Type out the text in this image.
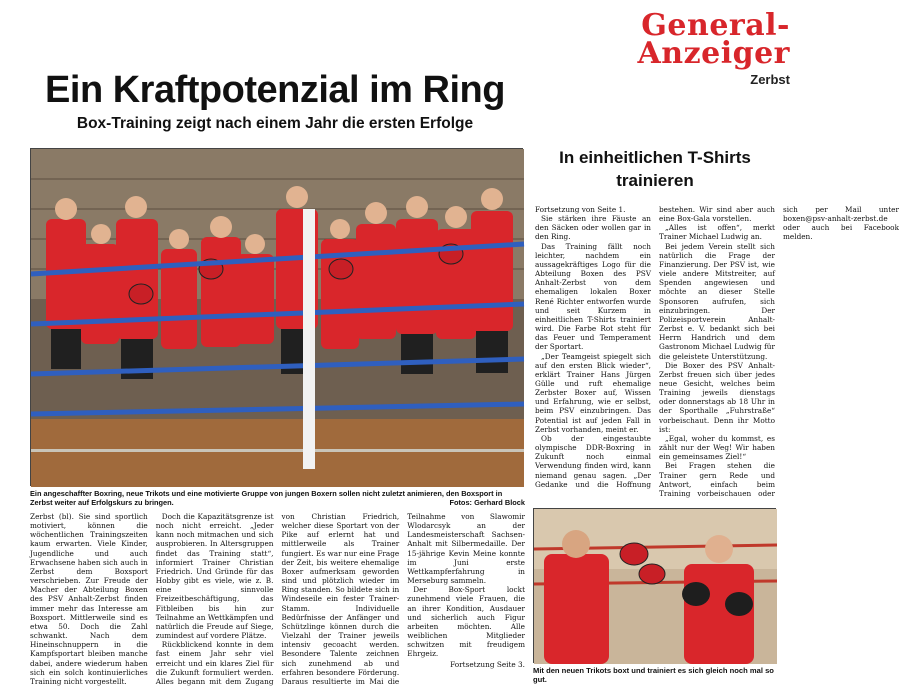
General-
Anzeiger
Zerbst
Ein Kraftpotenzial im Ring
Box-Training zeigt nach einem Jahr die ersten Erfolge
Ein angeschaffter Boxring, neue Trikots und eine motivierte Gruppe von jungen Boxern sollen nicht zuletzt animieren, den Boxsport in Zerbst weiter auf Erfolgskurs zu bringen.	Fotos: Gerhard Block
In einheitlichen T-Shirts trainieren

Fortsetzung von Seite 1.

Sie stärken ihre Fäuste an den Säcken oder wollen gar in den Ring.

Das Training fällt noch leichter, nachdem ein aussagekräftiges Logo für die Abteilung Boxen des PSV Anhalt-Zerbst von dem ehemaligen lokalen Boxer René Richter entworfen wurde und seit Kurzem in einheitlichen T-Shirts trainiert wird. Die Farbe Rot steht für das Feuer und Temperament der Sportart.

„Der Teamgeist spiegelt sich auf den ersten Blick wieder“, erklärt Trainer Hans Jürgen Gülle und ruft ehemalige Zerbster Boxer auf, Wissen und Erfahrung, wie er selbst, beim PSV einzubringen. Das Potential ist auf jeden Fall in Zerbst vorhanden, meint er.

Ob der eingestaubte olympische DDR-Boxring in Zukunft noch einmal Verwendung finden wird, kann niemand genau sagen. „Der Gedanke und die Hoffnung bestehen. Wir sind aber auch eine Box-Gala vorstellen.

„Alles ist offen“, merkt Trainer Michael Ludwig an.

Bei jedem Verein stellt sich natürlich die Frage der Finanzierung. Der PSV ist, wie viele andere Mitstreiter, auf Spenden angewiesen und möchte an dieser Stelle Sponsoren aufrufen, sich einzubringen. Der Polizeisportverein Anhalt-Zerbst e. V. bedankt sich bei Herrn Handrich und dem Gastronom Michael Ludwig für die geleistete Unterstützung.

Die Boxer des PSV Anhalt-Zerbst freuen sich über jedes neue Gesicht, welches beim Training jeweils dienstags oder donnerstags ab 18 Uhr in der Sporthalle „Fuhrstraße“ vorbeischaut. Denn ihr Motto ist:

„Egal, woher du kommst, es zählt nur der Weg! Wir haben ein gemeinsames Ziel!“

Bei Fragen stehen die Trainer gern Rede und Antwort, einfach beim Training vorbeischauen oder sich per Mail unter boxen@psv-anhalt-zerbst.de oder auch bei Facebook melden.

Zerbst (bl). Sie sind sportlich motiviert, können die wöchentlichen Trainingszeiten kaum erwarten. Viele Kinder, Jugendliche und auch Erwachsene haben sich auch in Zerbst dem Boxsport verschrieben. Zur Freude der Macher der Abteilung Boxen des PSV Anhalt-Zerbst finden immer mehr das Interesse am Boxsport. Mittlerweile sind es etwa 50. Doch die Zahl schwankt. Nach dem Hineinschnuppern in die Kampfsportart bleiben manche dabei, andere wiederum haben sich ein solch kontinuierliches Training nicht vorgestellt.

Doch die Kapazitätsgrenze ist noch nicht erreicht. „Jeder kann noch mitmachen und sich ausprobieren. In Altersgruppen findet das Training statt“, informiert Trainer Christian Friedrich. Und Gründe für das Hobby gibt es viele, wie z. B. eine sinnvolle Freizeitbeschäftigung, das Fitbleiben bis hin zur Teilnahme an Wettkämpfen und natürlich die Freude auf Siege, zumindest auf vordere Plätze.

Rückblickend konnte in dem fast einem Jahr sehr viel erreicht und ein klares Ziel für die Zukunft formuliert werden. Alles begann mit dem Zugang von Christian Friedrich, welcher diese Sportart von der Pike auf erlernt hat und mittlerweile als Trainer fungiert. Es war nur eine Frage der Zeit, bis weitere ehemalige Boxer aufmerksam geworden sind und plötzlich wieder im Ring standen. So bildete sich in Windeseile ein fester Trainer-Stamm. Individuelle Bedürfnisse der Anfänger und Schützlinge können durch die Vielzahl der Trainer jeweils intensiv gecoacht werden. Besondere Talente zeichnen sich zunehmend ab und erfahren besondere Förderung. Daraus resultierte im Mai die Teilnahme von Slawomir Wlodarcsyk an der Landesmeisterschaft Sachsen-Anhalt mit Silbermedaille. Der 15-jährige Kevin Meine konnte im Juni erste Wettkampferfahrung in Merseburg sammeln.

Der Box-Sport lockt zunehmend viele Frauen, die an ihrer Kondition, Ausdauer und sicherlich auch Figur arbeiten möchten. Alle weiblichen Mitglieder schwitzen mit freudigem Ehrgeiz.

Fortsetzung Seite 3.
Mit den neuen Trikots boxt und trainiert es sich gleich noch mal so gut.
